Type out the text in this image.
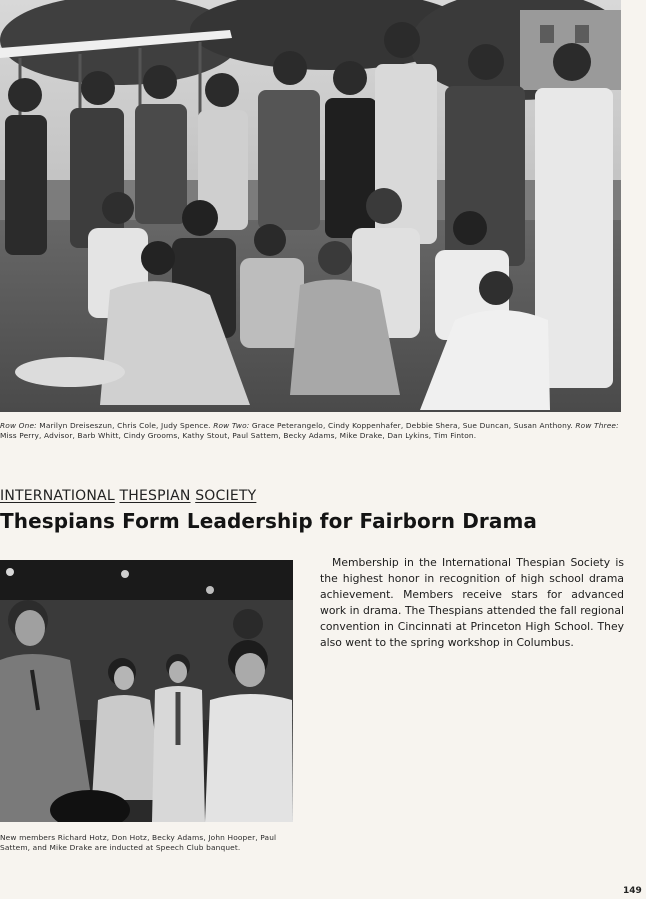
Row One: Marilyn Dreiseszun, Chris Cole, Judy Spence. Row Two: Grace Peterangelo, Cindy Koppenhafer, Debbie Shera, Sue Duncan, Susan Anthony. Row Three: Miss Perry, Advisor, Barb Whitt, Cindy Grooms, Kathy Stout, Paul Sattem, Becky Adams, Mike Drake, Dan Lykins, Tim Finton.
INTERNATIONAL THESPIAN SOCIETY
Thespians Form Leadership for Fairborn Drama
New members Richard Hotz, Don Hotz, Becky Adams, John Hooper, Paul Sattem, and Mike Drake are inducted at Speech Club banquet.

Membership in the International Thespian Society is the highest honor in recognition of high school drama achievement. Members receive stars for advanced work in drama. The Thespians attended the fall regional convention in Cincinnati at Princeton High School. They also went to the spring workshop in Columbus.

149
